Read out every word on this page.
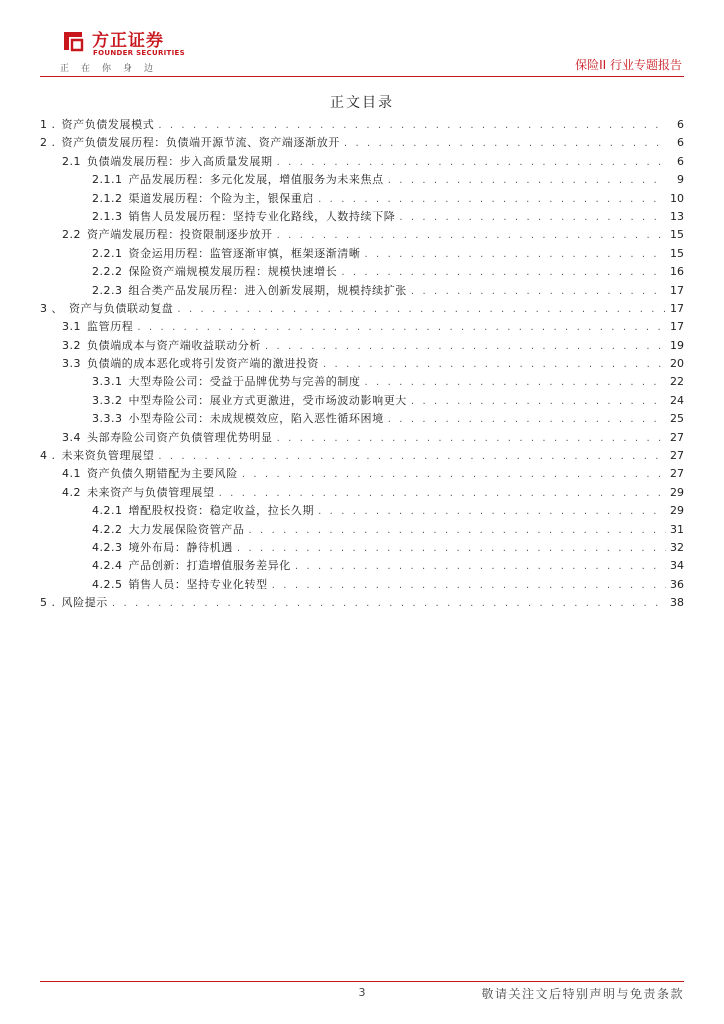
方正证券
FOUNDER SECURITIES
正在你身边	保险II 行业专题报告
正文目录
1 . 资产负债发展模式 . . .	6
2 . 资产负债发展历程：负债端开源节流、资产端逐渐放开 . . .	6
2.1 负债端发展历程：步入高质量发展期 . . .	6
2.1.1 产品发展历程：多元化发展，增值服务为未来焦点 . . .	9
2.1.2 渠道发展历程：个险为主，银保重启 . . .	10
2.1.3 销售人员发展历程：坚持专业化路线，人数持续下降 . . .	13
2.2 资产端发展历程：投资限制逐步放开 . . .	15
2.2.1 资金运用历程：监管逐渐审慎，框架逐渐清晰 . . .	15
2.2.2 保险资产端规模发展历程：规模快速增长 . . .	16
2.2.3 组合类产品发展历程：进入创新发展期，规模持续扩张 . . .	17
3 、 资产与负债联动复盘 . . .	17
3.1 监管历程 . . .	17
3.2 负债端成本与资产端收益联动分析 . . .	19
3.3 负债端的成本恶化或将引发资产端的激进投资 . . .	20
3.3.1 大型寿险公司：受益于品牌优势与完善的制度 . . .	22
3.3.2 中型寿险公司：展业方式更激进，受市场波动影响更大 . . .	24
3.3.3 小型寿险公司：未成规模效应，陷入恶性循环困境 . . .	25
3.4 头部寿险公司资产负债管理优势明显 . . .	27
4 . 未来资负管理展望 . . .	27
4.1 资产负债久期错配为主要风险 . . .	27
4.2 未来资产与负债管理展望 . . .	29
4.2.1 增配股权投资：稳定收益，拉长久期 . . .	29
4.2.2 大力发展保险资管产品 . . .	31
4.2.3 境外布局：静待机遇 . . .	32
4.2.4 产品创新：打造增值服务差异化 . . .	34
4.2.5 销售人员：坚持专业化转型 . . .	36
5 . 风险提示 . . .	38
3	敬请关注文后特别声明与免责条款
